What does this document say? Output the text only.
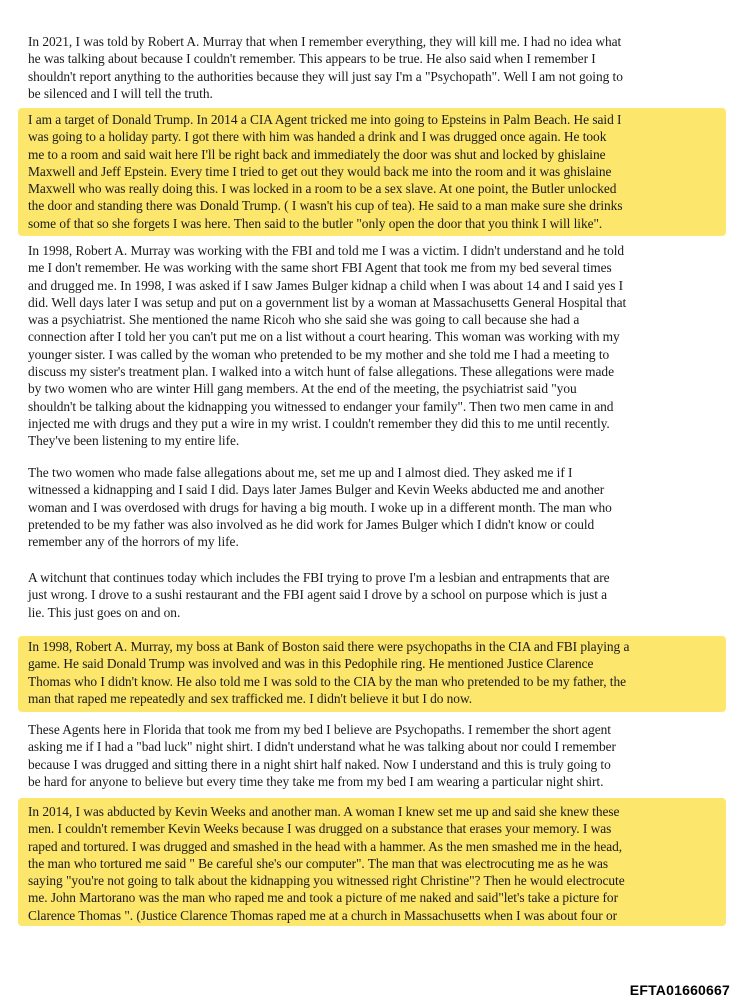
In 2021, I was told by Robert A. Murray that when I remember everything, they will kill me. I had no idea what
he was talking about because I couldn't remember. This appears to be true. He also said when I remember I
shouldn't report anything to the authorities because they will just say I'm a "Psychopath". Well I am not going to
be silenced and I will tell the truth.
I am a target of Donald Trump. In 2014 a CIA Agent tricked me into going to Epsteins in Palm Beach. He said I
was going to a holiday party. I got there with him was handed a drink and I was drugged once again. He took
me to a room and said wait here I'll be right back and immediately the door was shut and locked by ghislaine
Maxwell and Jeff Epstein. Every time I tried to get out they would back me into the room and it was ghislaine
Maxwell who was really doing this. I was locked in a room to be a sex slave. At one point, the Butler unlocked
the door and standing there was Donald Trump. ( I wasn't his cup of tea). He said to a man make sure she drinks
some of that so she forgets I was here. Then said to the butler "only open the door that you think I will like".
In 1998, Robert A. Murray was working with the FBI and told me I was a victim. I didn't understand and he told
me I don't remember. He was working with the same short FBI Agent that took me from my bed several times
and drugged me. In 1998, I was asked if I saw James Bulger kidnap a child when I was about 14 and I said yes I
did. Well days later I was setup and put on a government list by a woman at Massachusetts General Hospital that
was a psychiatrist. She mentioned the name Ricoh who she said she was going to call because she had a
connection after I told her you can't put me on a list without a court hearing. This woman was working with my
younger sister. I was called by the woman who pretended to be my mother and she told me I had a meeting to
discuss my sister's treatment plan. I walked into a witch hunt of false allegations. These allegations were made
by two women who are winter Hill gang members. At the end of the meeting, the psychiatrist said "you
shouldn't be talking about the kidnapping you witnessed to endanger your family". Then two men came in and
injected me with drugs and they put a wire in my wrist. I couldn't remember they did this to me until recently.
They've been listening to my entire life.
The two women who made false allegations about me, set me up and I almost died. They asked me if I
witnessed a kidnapping and I said I did. Days later James Bulger and Kevin Weeks abducted me and another
woman and I was overdosed with drugs for having a big mouth. I woke up in a different month. The man who
pretended to be my father was also involved as he did work for James Bulger which I didn't know or could
remember any of the horrors of my life.
A witchunt that continues today which includes the FBI trying to prove I'm a lesbian and entrapments that are
just wrong. I drove to a sushi restaurant and the FBI agent said I drove by a school on purpose which is just a
lie. This just goes on and on.
In 1998, Robert A. Murray, my boss at Bank of Boston said there were psychopaths in the CIA and FBI playing a
game. He said Donald Trump was involved and was in this Pedophile ring. He mentioned Justice Clarence
Thomas who I didn't know. He also told me I was sold to the CIA by the man who pretended to be my father, the
man that raped me repeatedly and sex trafficked me. I didn't believe it but I do now.
These Agents here in Florida that took me from my bed I believe are Psychopaths. I remember the short agent
asking me if I had a "bad luck" night shirt. I didn't understand what he was talking about nor could I remember
because I was drugged and sitting there in a night shirt half naked. Now I understand and this is truly going to
be hard for anyone to believe but every time they take me from my bed I am wearing a particular night shirt.
In 2014, I was abducted by Kevin Weeks and another man. A woman I knew set me up and said she knew these
men. I couldn't remember Kevin Weeks because I was drugged on a substance that erases your memory. I was
raped and tortured. I was drugged and smashed in the head with a hammer. As the men smashed me in the head,
the man who tortured me said " Be careful she's our computer". The man that was electrocuting me as he was
saying "you're not going to talk about the kidnapping you witnessed right Christine"? Then he would electrocute
me. John Martorano was the man who raped me and took a picture of me naked and said"let's take a picture for
Clarence Thomas ". (Justice Clarence Thomas raped me at a church in Massachusetts when I was about four or
EFTA01660667
